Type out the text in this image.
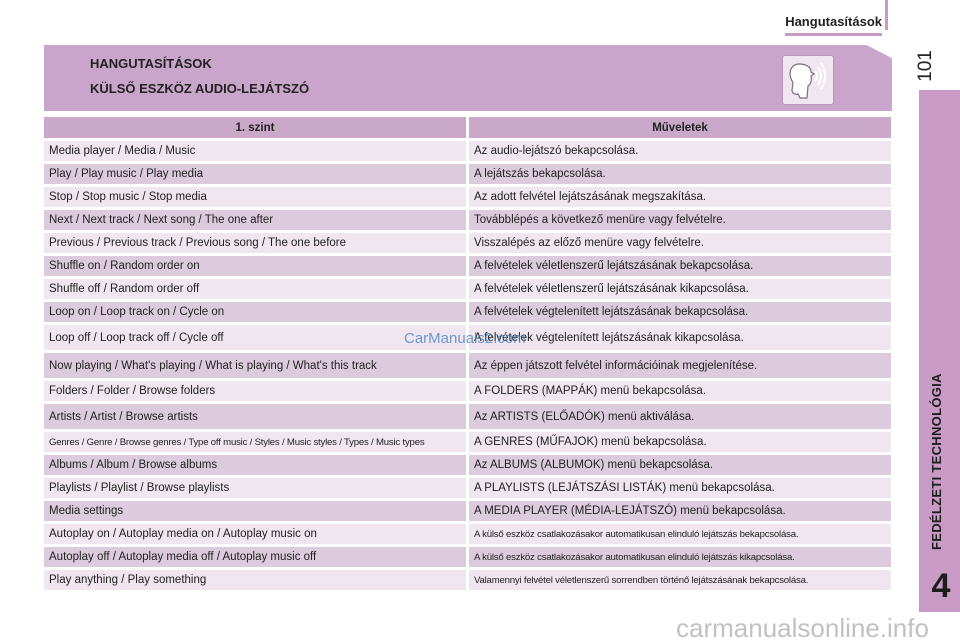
Hangutasítások
101
FEDÉLZETI TECHNOLÓGIA
4
HANGUTASÍTÁSOK
KÜLSŐ ESZKÖZ AUDIO-LEJÁTSZÓ
1. szint	Műveletek
Media player / Media / Music	Az audio-lejátszó bekapcsolása.
Play / Play music / Play media	A lejátszás bekapcsolása.
Stop / Stop music / Stop media	Az adott felvétel lejátszásának megszakítása.
Next / Next track / Next song / The one after	Továbblépés a következő menüre vagy felvételre.
Previous / Previous track / Previous song / The one before	Visszalépés az előző menüre vagy felvételre.
Shuffle on / Random order on	A felvételek véletlenszerű lejátszásának bekapcsolása.
Shuffle off / Random order off	A felvételek véletlenszerű lejátszásának kikapcsolása.
Loop on / Loop track on / Cycle on	A felvételek végtelenített lejátszásának bekapcsolása.
Loop off / Loop track off / Cycle off	A felvételek végtelenített lejátszásának kikapcsolása.
Now playing / What's playing / What is playing / What's this track	Az éppen játszott felvétel információinak megjelenítése.
Folders / Folder / Browse folders	A FOLDERS (MAPPÁK) menü bekapcsolása.
Artists / Artist / Browse artists	Az ARTISTS (ELŐADÓK) menü aktiválása.
Genres / Genre / Browse genres / Type off music / Styles / Music styles / Types / Music types	A GENRES (MŰFAJOK) menü bekapcsolása.
Albums / Album / Browse albums	Az ALBUMS (ALBUMOK) menü bekapcsolása.
Playlists / Playlist / Browse playlists	A PLAYLISTS (LEJÁTSZÁSI LISTÁK) menü bekapcsolása.
Media settings	A MEDIA PLAYER (MÉDIA-LEJÁTSZÓ) menü bekapcsolása.
Autoplay on / Autoplay media on / Autoplay music on	A külső eszköz csatlakozásakor automatikusan elinduló lejátszás bekapcsolása.
Autoplay off / Autoplay media off / Autoplay music off	A külső eszköz csatlakozásakor automatikusan elinduló lejátszás kikapcsolása.
Play anything / Play something	Valamennyi felvétel véletlenszerű sorrendben történő lejátszásának bekapcsolása.
CarManuals2.com
carmanualsonline.info
